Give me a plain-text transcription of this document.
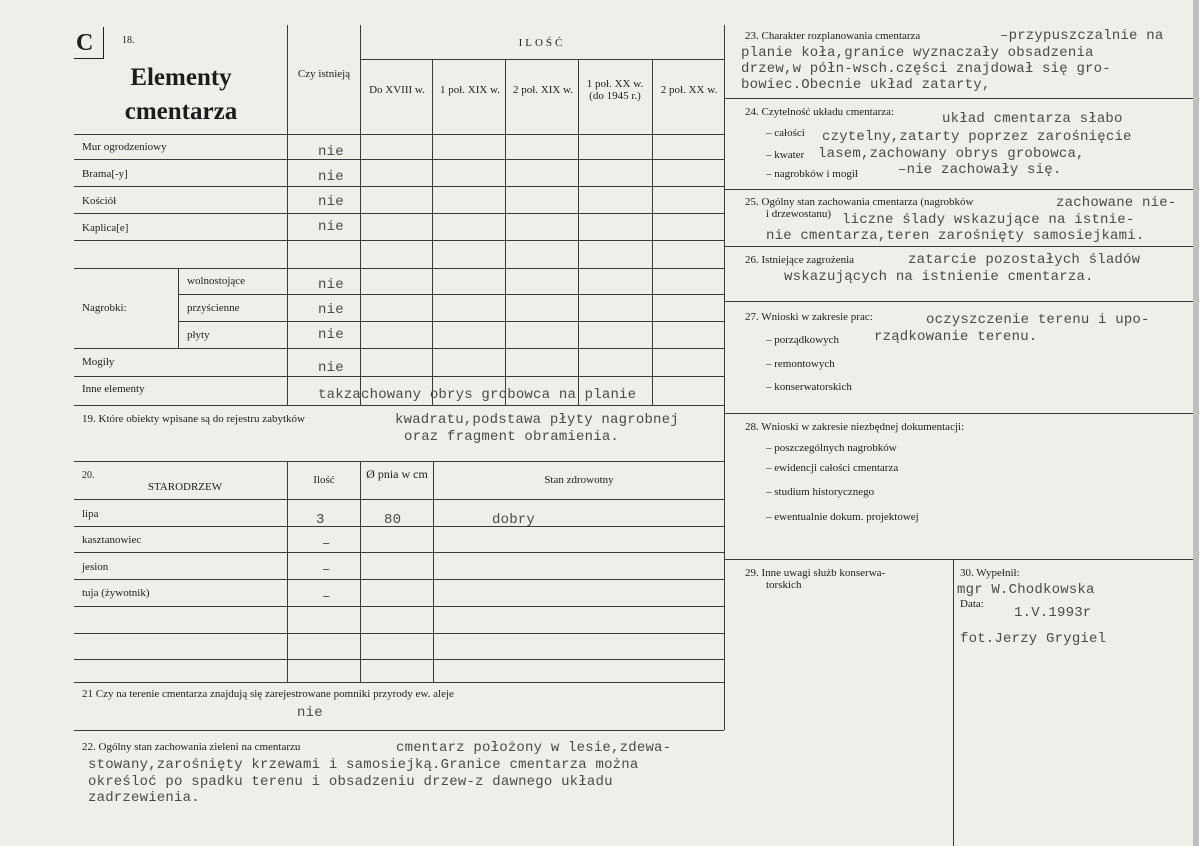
C	18.
Elementy
cmentarza
Czy istnieją
ILOŚĆ
Do XVIII w.	1 poł. XIX w.	2 poł. XIX w.	1 poł. XX w. (do 1945 r.)	2 poł. XX w.
Mur ogrodzeniowy	nie
Brama[-y]	nie
Kościół	nie
Kaplica[e]	nie
Nagrobki:
wolnostojące	nie
przyścienne	nie
płyty	nie
Mogiły	nie
Inne elementy	takzachowany obrys grobowca na planie
19. Które obiekty wpisane są do rejestru zabytków	kwadratu,podstawa płyty nagrobnej
oraz fragment obramienia.
20.
STARODRZEW
Ilość	Ø pnia w cm	Stan zdrowotny
lipa	3	80	dobry
kasztanowiec	–
jesion	–
tuja (żywotnik)	–
21 Czy na terenie cmentarza znajdują się zarejestrowane pomniki przyrody ew. aleje
nie
22. Ogólny stan zachowania zieleni na cmentarzu	cmentarz położony w lesie,zdewa-
stowany,zarośnięty krzewami i samosiejką.Granice cmentarza można
określoć po spadku terenu i obsadzeniu drzew-z dawnego układu
zadrzewienia.
23. Charakter rozplanowania cmentarza	–przypuszczalnie na
planie koła,granice wyznaczały obsadzenia
drzew,w półn-wsch.części znajdował się gro-
bowiec.Obecnie układ zatarty,
24. Czytelność układu cmentarza:
– całości
– kwater
– nagrobków i mogił
układ cmentarza słabo
czytelny,zatarty poprzez zarośnięcie
lasem,zachowany obrys grobowca,
–nie zachowały się.
25. Ogólny stan zachowania cmentarza (nagrobków
i drzewostanu)
zachowane nie-
liczne ślady wskazujące na istnie-
nie cmentarza,teren zarośnięty samosiejkami.
26. Istniejące zagrożenia	zatarcie pozostałych śladów
wskazujących na istnienie cmentarza.
27. Wnioski w zakresie prac:
– porządkowych
– remontowych
– konserwatorskich
oczyszczenie terenu i upo-
rządkowanie terenu.
28. Wnioski w zakresie niezbędnej dokumentacji:
– poszczególnych nagrobków
– ewidencji całości cmentarza
– studium historycznego
– ewentualnie dokum. projektowej
29. Inne uwagi służb konserwa-
torskich
30. Wypełnił:
mgr W.Chodkowska
Data:
1.V.1993r
fot.Jerzy Grygiel
